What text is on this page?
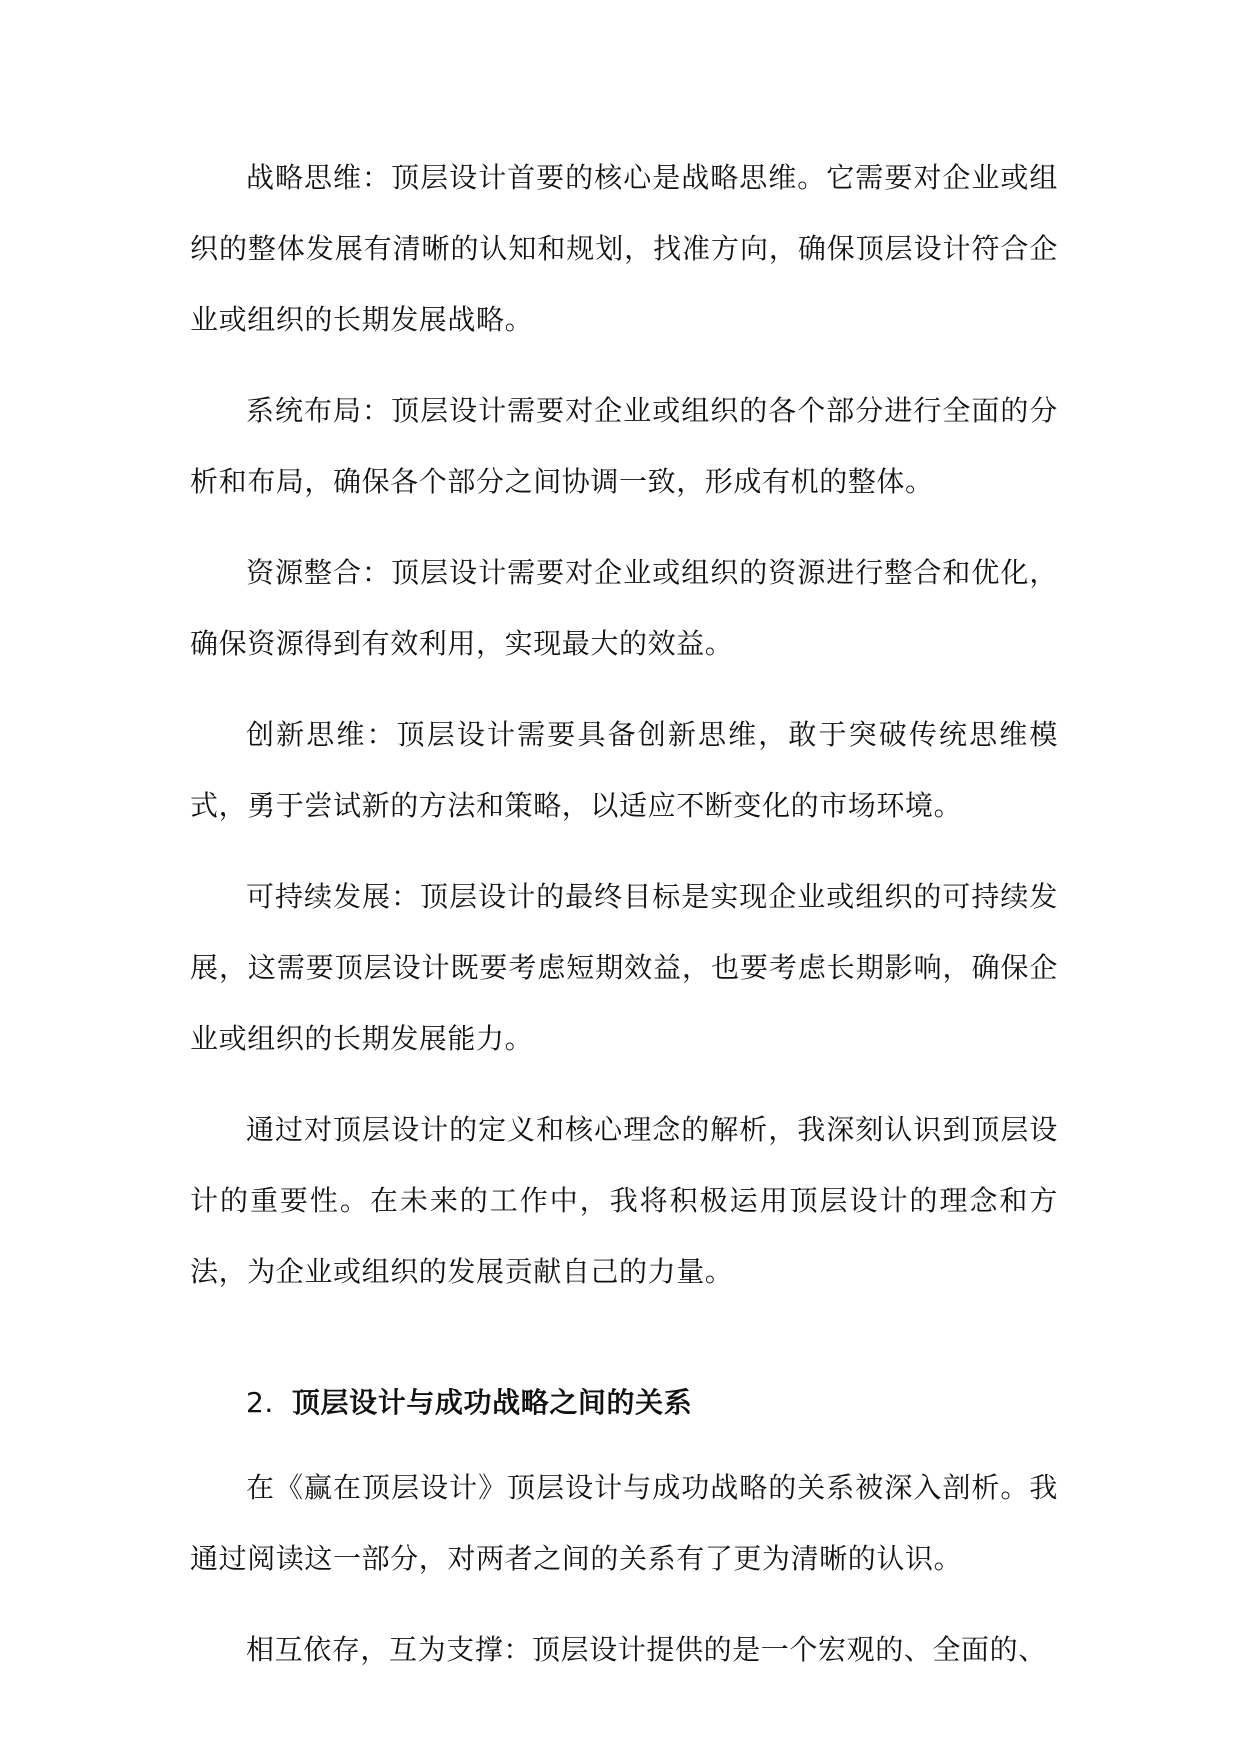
战略思维：顶层设计首要的核心是战略思维。它需要对企业或组织的整体发展有清晰的认知和规划，找准方向，确保顶层设计符合企业或组织的长期发展战略。

系统布局：顶层设计需要对企业或组织的各个部分进行全面的分析和布局，确保各个部分之间协调一致，形成有机的整体。

资源整合：顶层设计需要对企业或组织的资源进行整合和优化，确保资源得到有效利用，实现最大的效益。

创新思维：顶层设计需要具备创新思维，敢于突破传统思维模式，勇于尝试新的方法和策略，以适应不断变化的市场环境。

可持续发展：顶层设计的最终目标是实现企业或组织的可持续发展，这需要顶层设计既要考虑短期效益，也要考虑长期影响，确保企业或组织的长期发展能力。

通过对顶层设计的定义和核心理念的解析，我深刻认识到顶层设计的重要性。在未来的工作中，我将积极运用顶层设计的理念和方法，为企业或组织的发展贡献自己的力量。

2. 顶层设计与成功战略之间的关系

在《赢在顶层设计》顶层设计与成功战略的关系被深入剖析。我通过阅读这一部分，对两者之间的关系有了更为清晰的认识。

相互依存，互为支撑：顶层设计提供的是一个宏观的、全面的、
